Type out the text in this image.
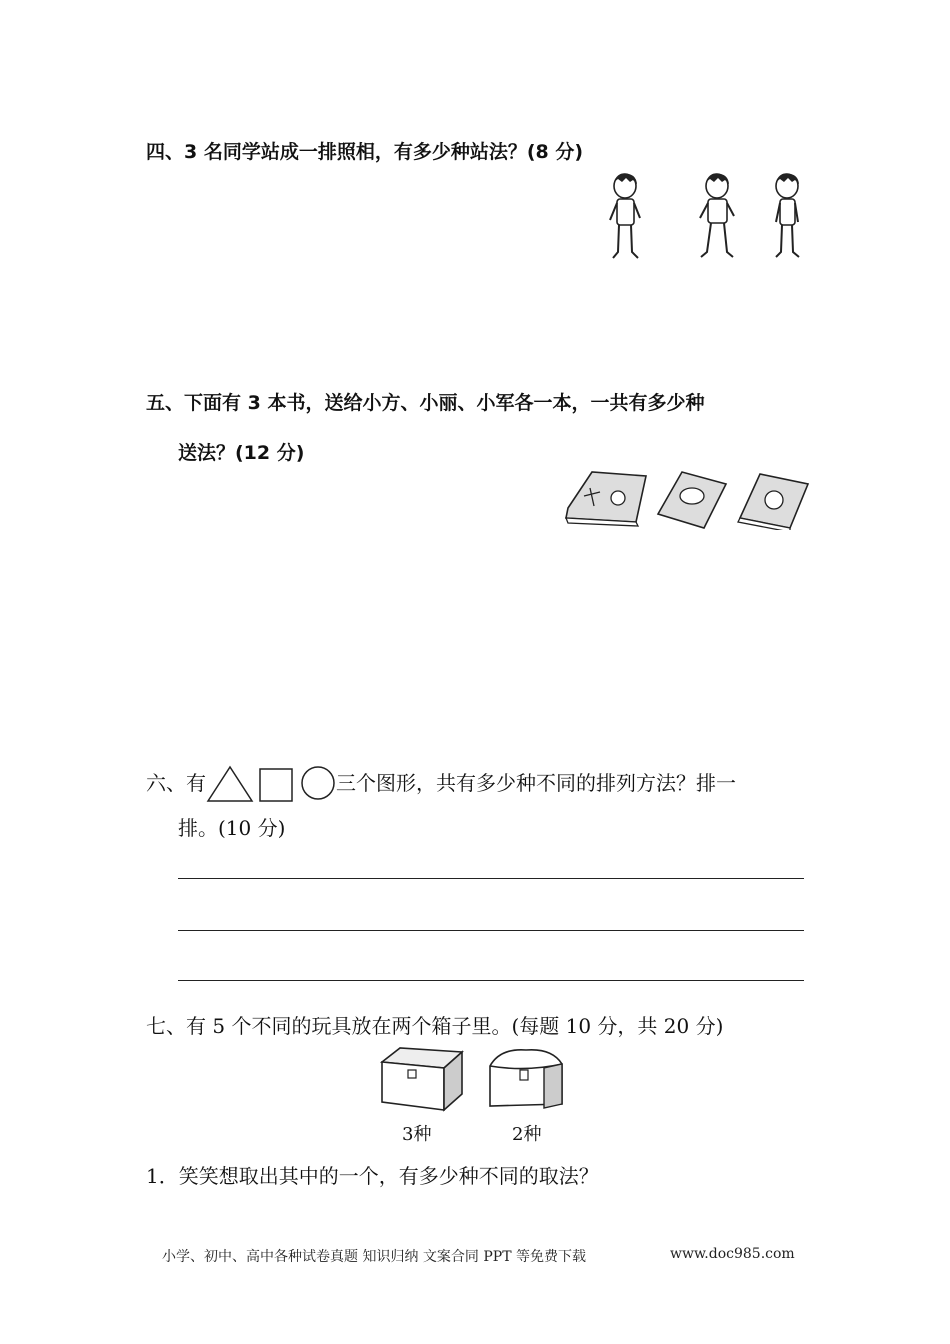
四、3 名同学站成一排照相，有多少种站法？(8 分)
五、下面有 3 本书，送给小方、小丽、小军各一本，一共有多少种
送法？(12 分)
六、有	三个图形，共有多少种不同的排列方法？排一
排。(10 分)
七、有 5 个不同的玩具放在两个箱子里。(每题 10 分，共 20 分)
3种	2种
1．笑笑想取出其中的一个，有多少种不同的取法？
小学、初中、高中各种试卷真题 知识归纳 文案合同 PPT 等免费下载	www.doc985.com
